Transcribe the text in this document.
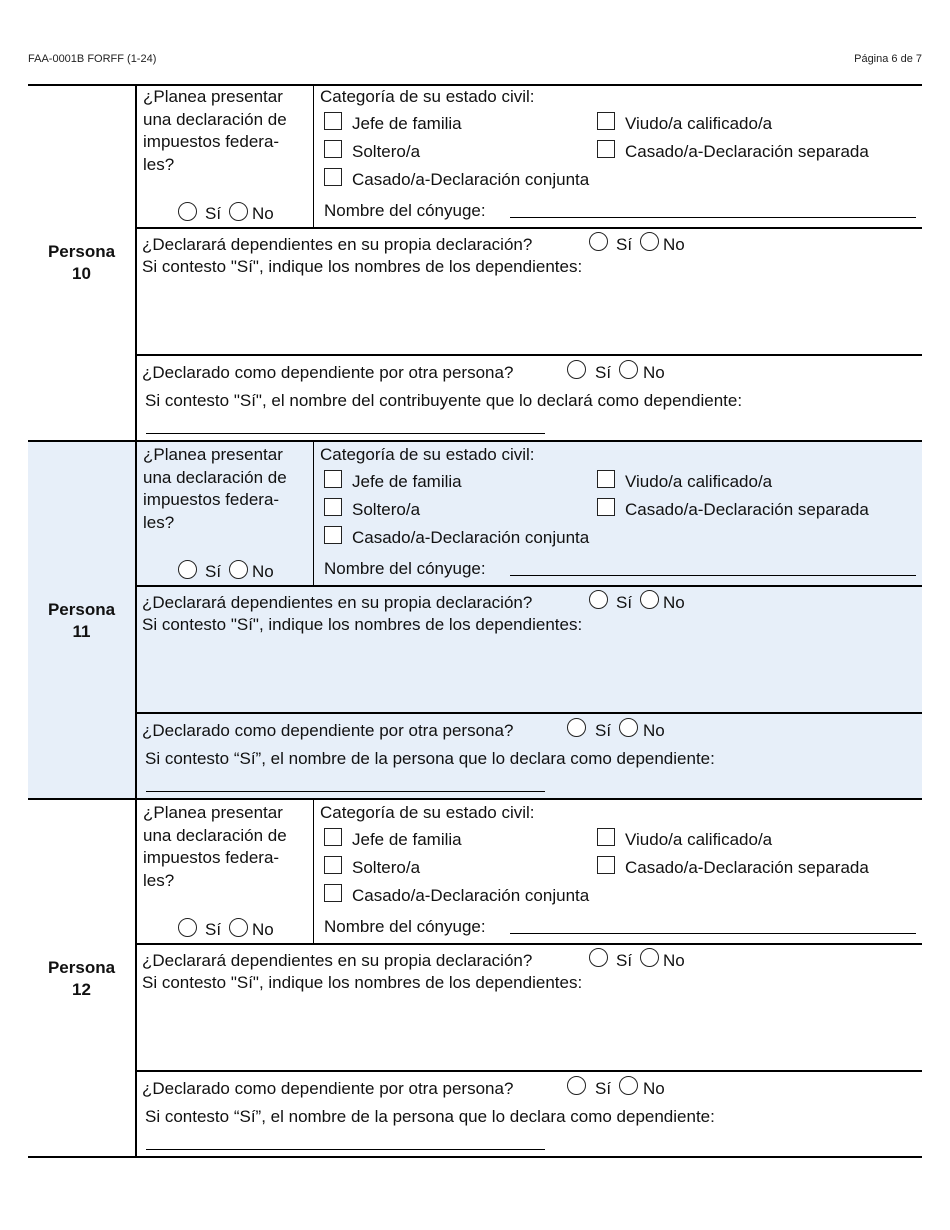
FAA-0001B FORFF (1-24)	Página 6 de 7
Persona
10
¿Planea presentar una declaración de impuestos federa- les?
Sí No
Categoría de su estado civil:
Jefe de familia	Viudo/a calificado/a
Soltero/a	Casado/a-Declaración separada
Casado/a-Declaración conjunta
Nombre del cónyuge:
¿Declarará dependientes en su propia declaración?	Sí No
Si contesto "Sí", indique los nombres de los dependientes:
¿Declarado como dependiente por otra persona?	Sí No
Si contesto "Sí", el nombre del contribuyente que lo declará como dependiente:
Persona
11
¿Planea presentar una declaración de impuestos federa- les?
Sí No
Categoría de su estado civil:
Jefe de familia	Viudo/a calificado/a
Soltero/a	Casado/a-Declaración separada
Casado/a-Declaración conjunta
Nombre del cónyuge:
¿Declarará dependientes en su propia declaración?	Sí No
Si contesto "Sí", indique los nombres de los dependientes:
¿Declarado como dependiente por otra persona?	Sí No
Si contesto “Sí”, el nombre de la persona que lo declara como dependiente:
Persona
12
¿Planea presentar una declaración de impuestos federa- les?
Sí No
Categoría de su estado civil:
Jefe de familia	Viudo/a calificado/a
Soltero/a	Casado/a-Declaración separada
Casado/a-Declaración conjunta
Nombre del cónyuge:
¿Declarará dependientes en su propia declaración?	Sí No
Si contesto "Sí", indique los nombres de los dependientes:
¿Declarado como dependiente por otra persona?	Sí No
Si contesto “Sí”, el nombre de la persona que lo declara como dependiente:
